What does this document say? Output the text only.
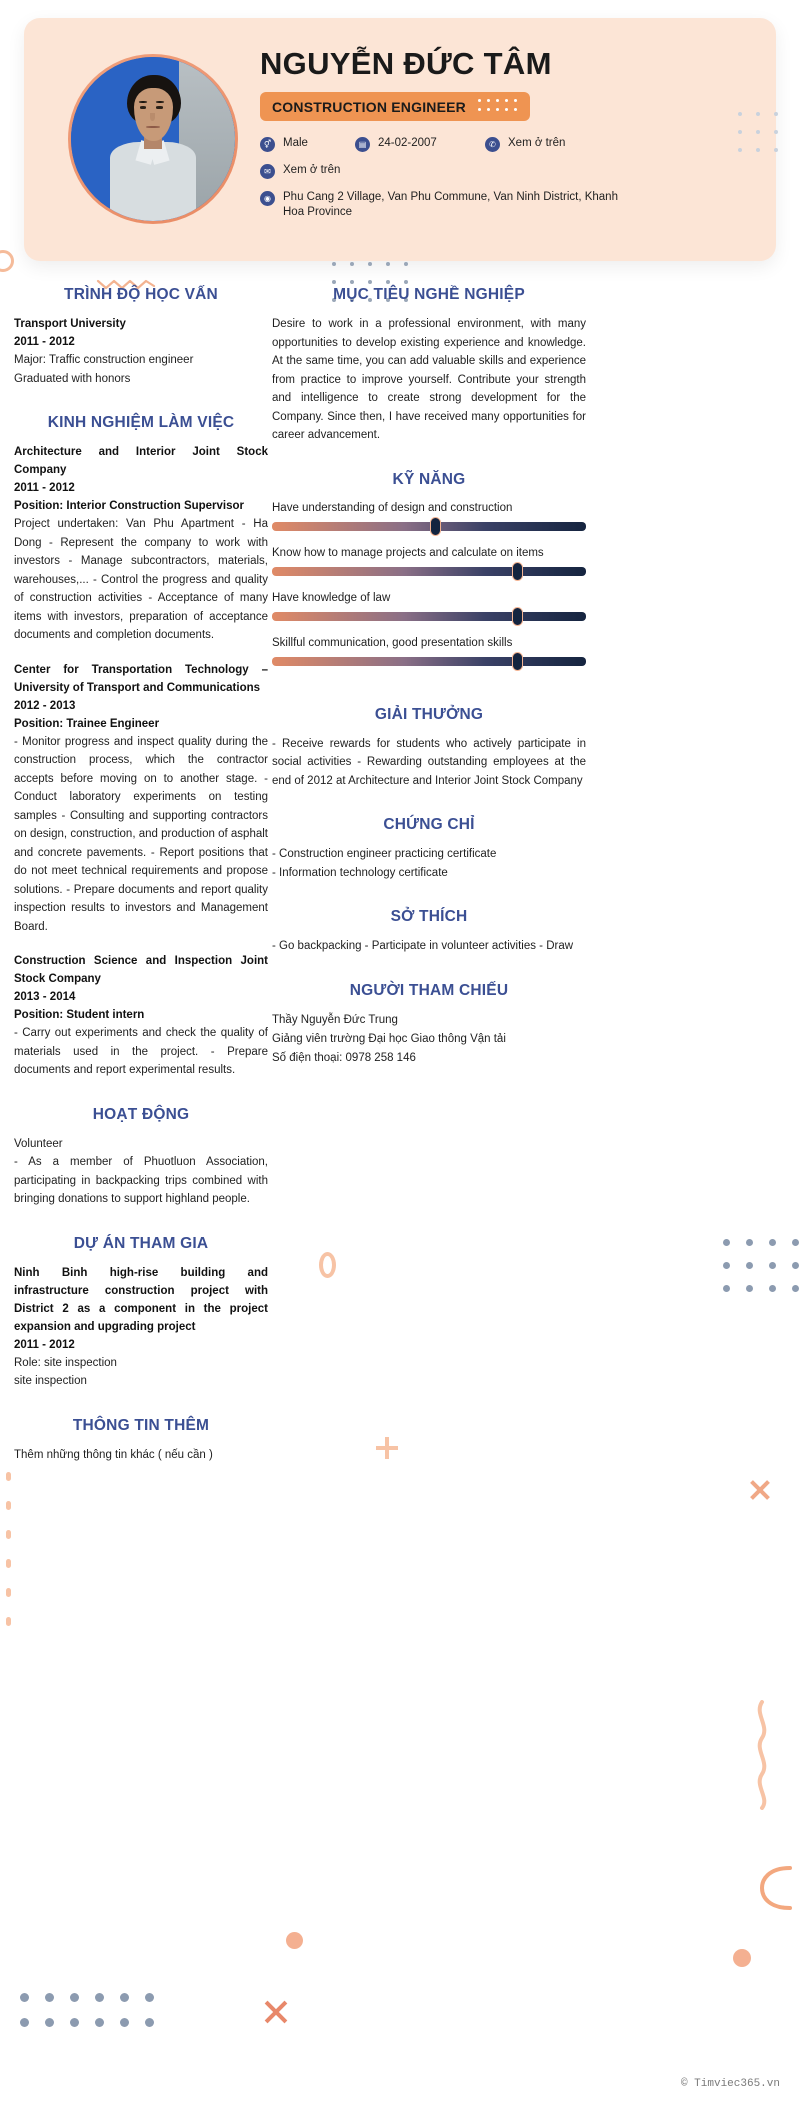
NGUYỄN ĐỨC TÂM
CONSTRUCTION ENGINEER
⚥	Male	▤	24-02-2007	✆	Xem ở trên
✉	Xem ở trên
◉	Phu Cang 2 Village, Van Phu Commune, Van Ninh District, Khanh Hoa Province
TRÌNH ĐỘ HỌC VẤN
Transport University
2011 - 2012
Major: Traffic construction engineer
Graduated with honors
KINH NGHIỆM LÀM VIỆC
Architecture and Interior Joint Stock Company
2011 - 2012
Position: Interior Construction Supervisor
Project undertaken: Van Phu Apartment - Ha Dong - Represent the company to work with investors - Manage subcontractors, materials, warehouses,... - Control the progress and quality of construction activities - Acceptance of many items with investors, preparation of acceptance documents and completion documents.
Center for Transportation Technology – University of Transport and Communications
2012 - 2013
Position: Trainee Engineer
- Monitor progress and inspect quality during the construction process, which the contractor accepts before moving on to another stage. - Conduct laboratory experiments on testing samples - Consulting and supporting contractors on design, construction, and production of asphalt and concrete pavements. - Report positions that do not meet technical requirements and propose solutions. - Prepare documents and report quality inspection results to investors and Management Board.
Construction Science and Inspection Joint Stock Company
2013 - 2014
Position: Student intern
- Carry out experiments and check the quality of materials used in the project. - Prepare documents and report experimental results.
HOẠT ĐỘNG
Volunteer
- As a member of Phuotluon Association, participating in backpacking trips combined with bringing donations to support highland people.
DỰ ÁN THAM GIA
Ninh Binh high-rise building and infrastructure construction project with District 2 as a component in the project expansion and upgrading project
2011 - 2012
Role: site inspection
site inspection
THÔNG TIN THÊM
Thêm những thông tin khác ( nếu cần )
MỤC TIÊU NGHỀ NGHIỆP
Desire to work in a professional environment, with many opportunities to develop existing experience and knowledge. At the same time, you can add valuable skills and experience from practice to improve yourself. Contribute your strength and intelligence to create strong development for the Company. Since then, I have received many opportunities for career advancement.
KỸ NĂNG
Have understanding of design and construction
Know how to manage projects and calculate on items
Have knowledge of law
Skillful communication, good presentation skills
GIẢI THƯỞNG
- Receive rewards for students who actively participate in social activities - Rewarding outstanding employees at the end of 2012 at Architecture and Interior Joint Stock Company
CHỨNG CHỈ
- Construction engineer practicing certificate
- Information technology certificate
SỞ THÍCH
- Go backpacking - Participate in volunteer activities - Draw
NGƯỜI THAM CHIẾU
Thầy Nguyễn Đức Trung
Giảng viên trường Đại học Giao thông Vận tải
Số điện thoại: 0978 258 146
© Timviec365.vn
